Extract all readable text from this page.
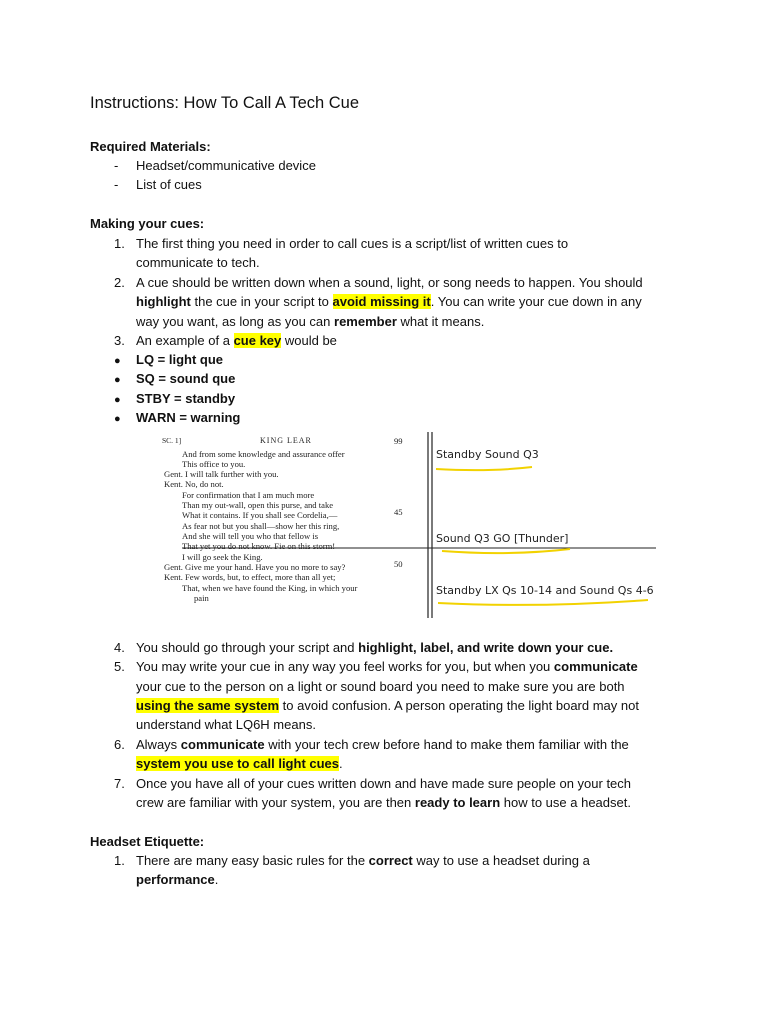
Instructions: How To Call A Tech Cue
Required Materials:
- Headset/communicative device
- List of cues
Making your cues:
1. The first thing you need in order to call cues is a script/list of written cues to
communicate to tech.
2. A cue should be written down when a sound, light, or song needs to happen. You should
highlight the cue in your script to avoid missing it. You can write your cue down in any
way you want, as long as you can remember what it means.
3. An example of a cue key would be
● LQ = light que
● SQ = sound que
● STBY = standby
● WARN = warning
SC. 1]	KING LEAR	99
And from some knowledge and assurance offer
This office to you.
Gent. I will talk further with you.
Kent. No, do not.
For confirmation that I am much more
Than my out-wall, open this purse, and take
What it contains. If you shall see Cordelia,—
As fear not but you shall—show her this ring,
And she will tell you who that fellow is
That yet you do not know. Fie on this storm!
I will go seek the King.
Gent. Give me your hand. Have you no more to say?
Kent. Few words, but, to effect, more than all yet;
That, when we have found the King, in which your
pain
45
50
Standby Sound Q3
Sound Q3 GO [Thunder]
Standby LX Qs 10-14 and Sound Qs 4-6
4. You should go through your script and highlight, label, and write down your cue.
5. You may write your cue in any way you feel works for you, but when you communicate
your cue to the person on a light or sound board you need to make sure you are both
using the same system to avoid confusion. A person operating the light board may not
understand what LQ6H means.
6. Always communicate with your tech crew before hand to make them familiar with the
system you use to call light cues.
7. Once you have all of your cues written down and have made sure people on your tech
crew are familiar with your system, you are then ready to learn how to use a headset.
Headset Etiquette:
1. There are many easy basic rules for the correct way to use a headset during a
performance.
